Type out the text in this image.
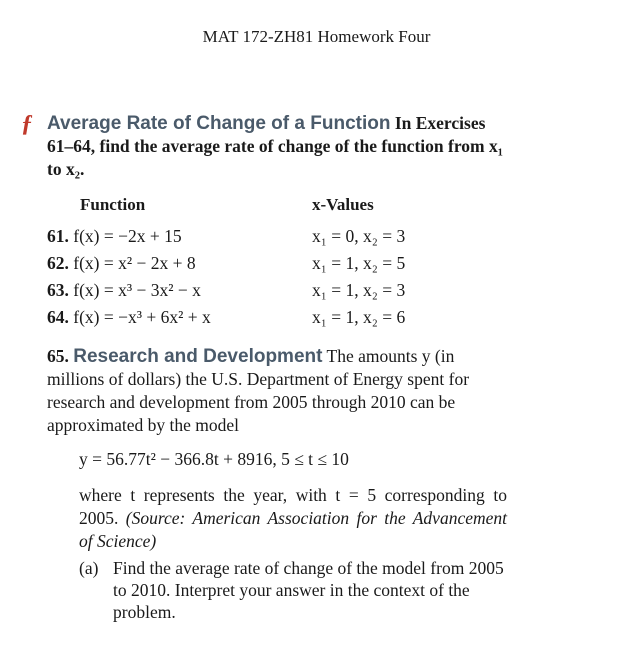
MAT 172-ZH81 Homework Four
ƒ Average Rate of Change of a Function In Exercises 61–64, find the average rate of change of the function from x₁ to x₂.
Function	x-Values
61. f(x) = −2x + 15	x₁ = 0, x₂ = 3
62. f(x) = x² − 2x + 8	x₁ = 1, x₂ = 5
63. f(x) = x³ − 3x² − x	x₁ = 1, x₂ = 3
64. f(x) = −x³ + 6x² + x	x₁ = 1, x₂ = 6
65. Research and Development The amounts y (in millions of dollars) the U.S. Department of Energy spent for research and development from 2005 through 2010 can be approximated by the model
y = 56.77t² − 366.8t + 8916, 5 ≤ t ≤ 10
where t represents the year, with t = 5 corresponding to 2005. (Source: American Association for the Advancement of Science)
(a) Find the average rate of change of the model from 2005 to 2010. Interpret your answer in the context of the problem.
